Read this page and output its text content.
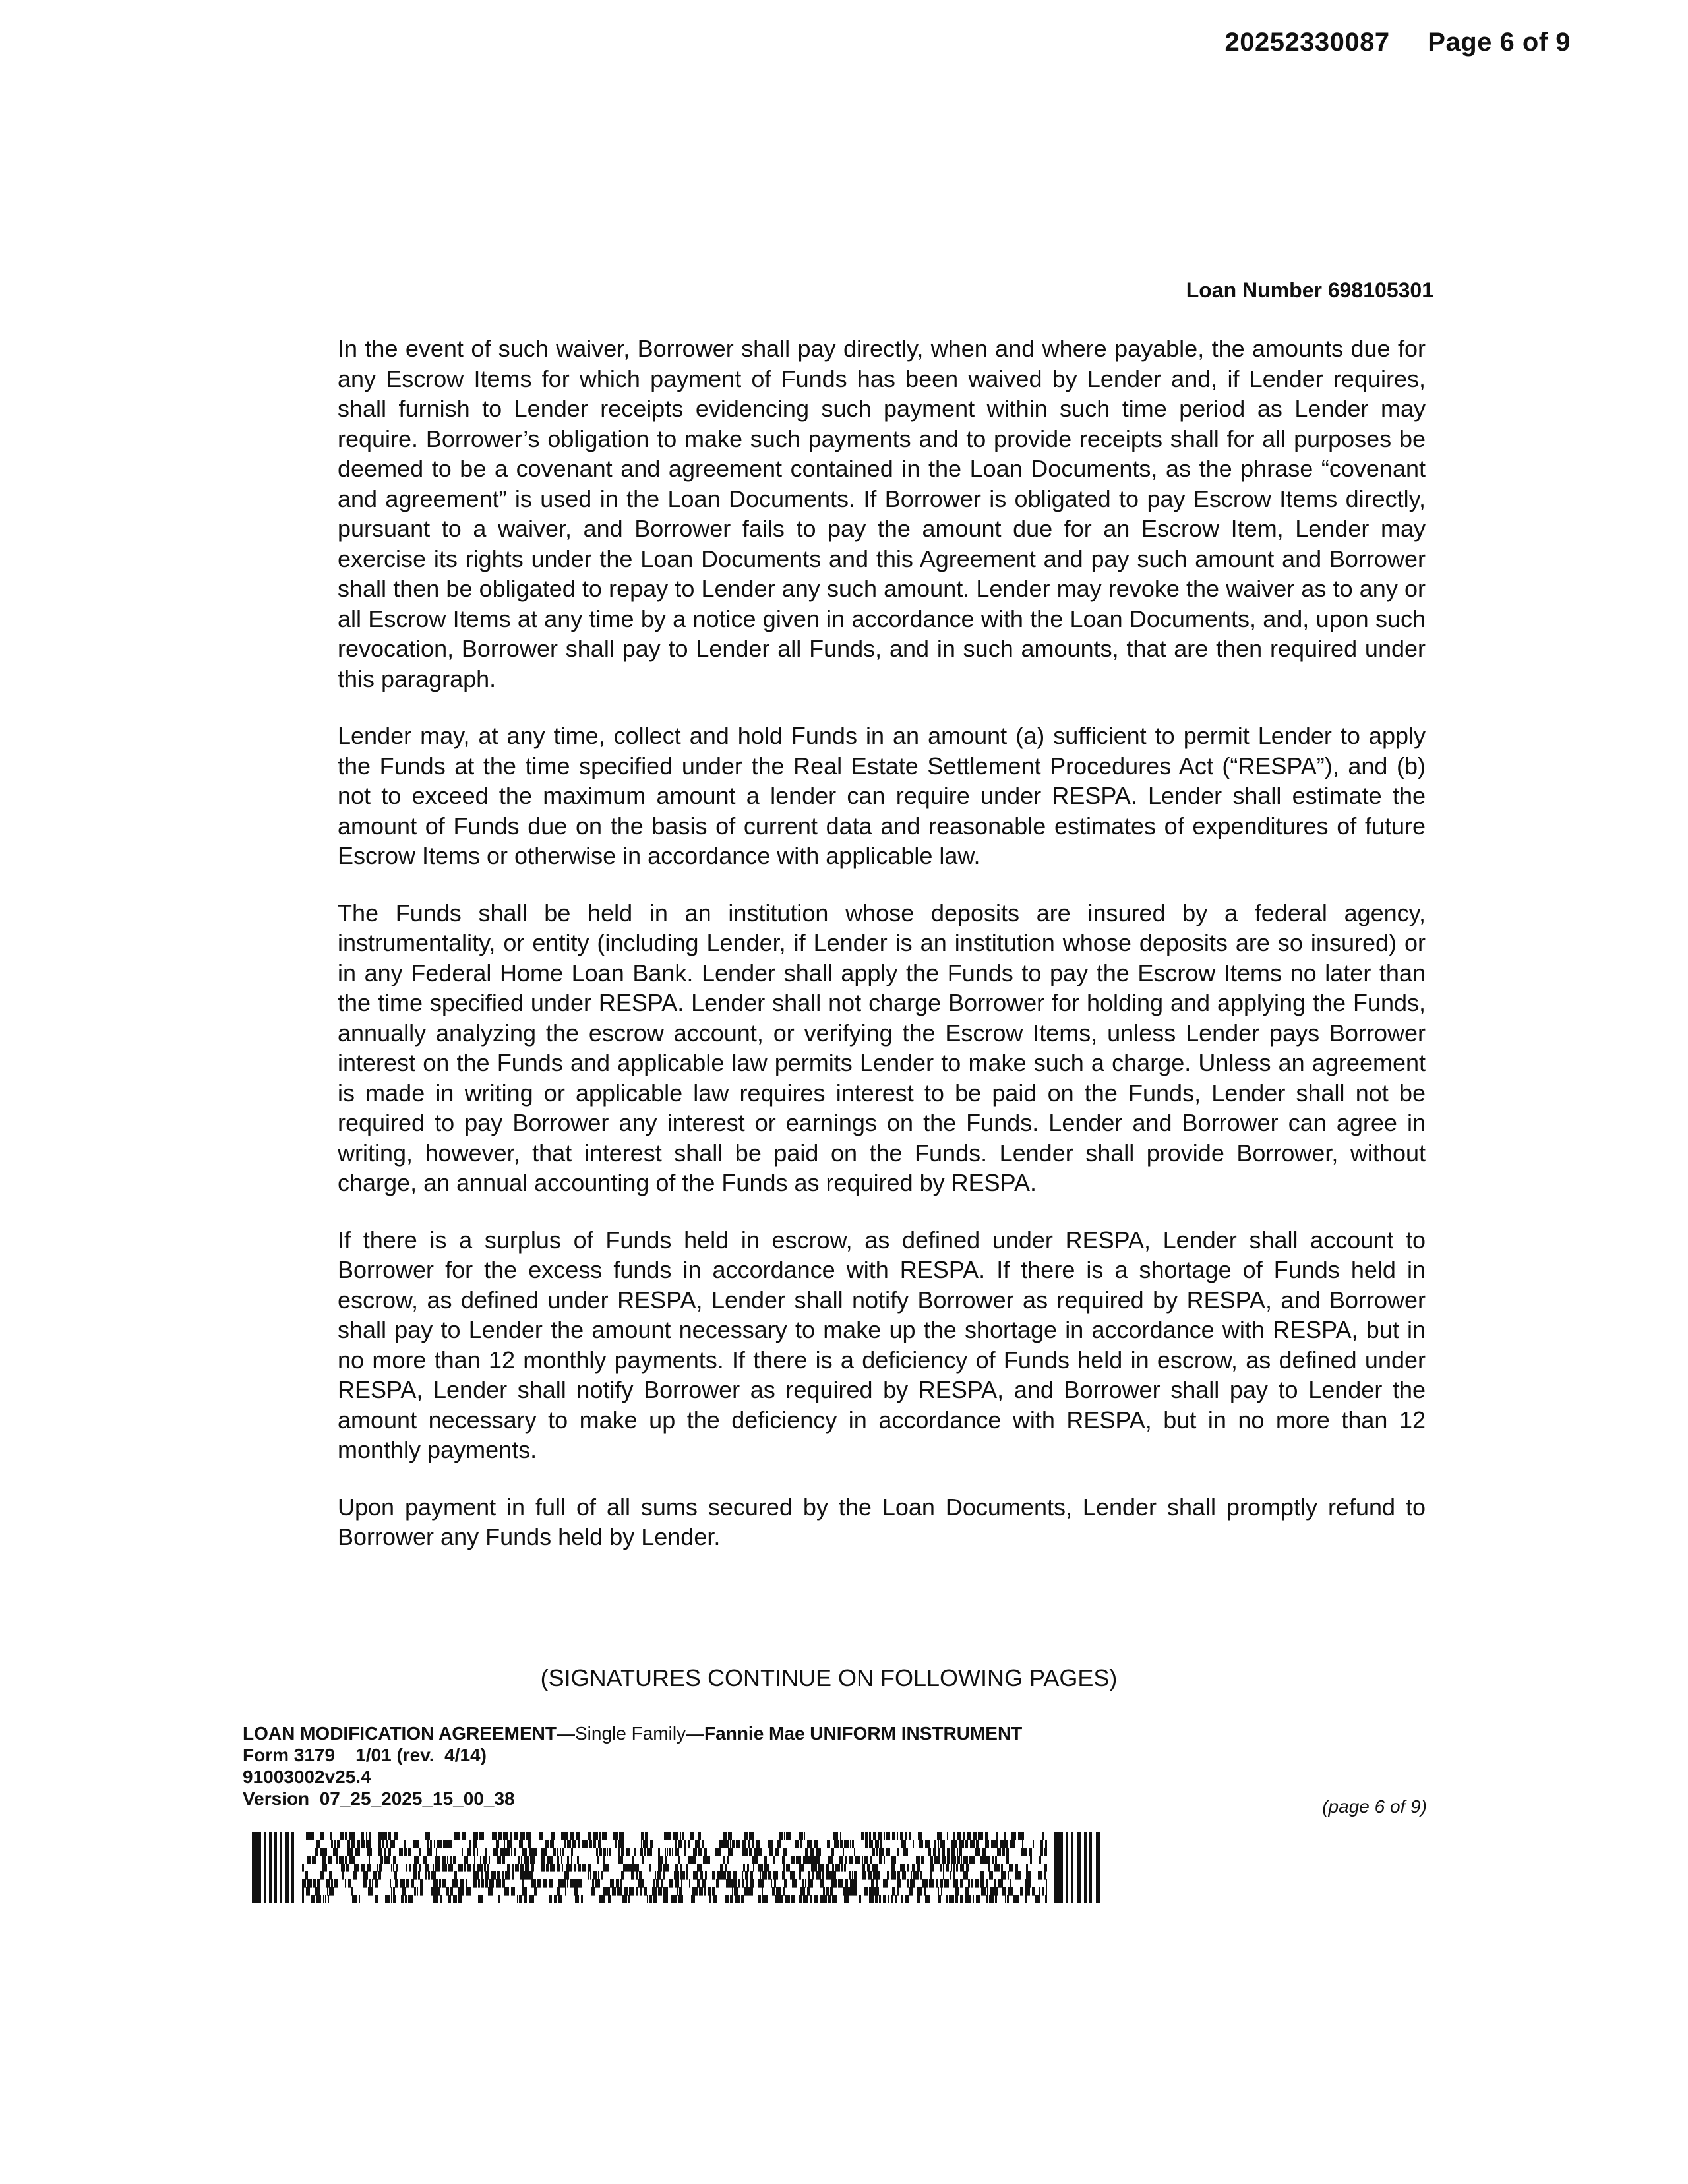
20252330087 Page 6 of 9
Loan Number 698105301

In the event of such waiver, Borrower shall pay directly, when and where payable, the amounts due for any Escrow Items for which payment of Funds has been waived by Lender and, if Lender requires, shall furnish to Lender receipts evidencing such payment within such time period as Lender may require. Borrower’s obligation to make such payments and to provide receipts shall for all purposes be deemed to be a covenant and agreement contained in the Loan Documents, as the phrase “covenant and agreement” is used in the Loan Documents. If Borrower is obligated to pay Escrow Items directly, pursuant to a waiver, and Borrower fails to pay the amount due for an Escrow Item, Lender may exercise its rights under the Loan Documents and this Agreement and pay such amount and Borrower shall then be obligated to repay to Lender any such amount. Lender may revoke the waiver as to any or all Escrow Items at any time by a notice given in accordance with the Loan Documents, and, upon such revocation, Borrower shall pay to Lender all Funds, and in such amounts, that are then required under this paragraph.

Lender may, at any time, collect and hold Funds in an amount (a) sufficient to permit Lender to apply the Funds at the time specified under the Real Estate Settlement Procedures Act (“RESPA”), and (b) not to exceed the maximum amount a lender can require under RESPA. Lender shall estimate the amount of Funds due on the basis of current data and reasonable estimates of expenditures of future Escrow Items or otherwise in accordance with applicable law.

The Funds shall be held in an institution whose deposits are insured by a federal agency, instrumentality, or entity (including Lender, if Lender is an institution whose deposits are so insured) or in any Federal Home Loan Bank. Lender shall apply the Funds to pay the Escrow Items no later than the time specified under RESPA. Lender shall not charge Borrower for holding and applying the Funds, annually analyzing the escrow account, or verifying the Escrow Items, unless Lender pays Borrower interest on the Funds and applicable law permits Lender to make such a charge. Unless an agreement is made in writing or applicable law requires interest to be paid on the Funds, Lender shall not be required to pay Borrower any interest or earnings on the Funds. Lender and Borrower can agree in writing, however, that interest shall be paid on the Funds. Lender shall provide Borrower, without charge, an annual accounting of the Funds as required by RESPA.

If there is a surplus of Funds held in escrow, as defined under RESPA, Lender shall account to Borrower for the excess funds in accordance with RESPA. If there is a shortage of Funds held in escrow, as defined under RESPA, Lender shall notify Borrower as required by RESPA, and Borrower shall pay to Lender the amount necessary to make up the shortage in accordance with RESPA, but in no more than 12 monthly payments. If there is a deficiency of Funds held in escrow, as defined under RESPA, Lender shall notify Borrower as required by RESPA, and Borrower shall pay to Lender the amount necessary to make up the deficiency in accordance with RESPA, but in no more than 12 monthly payments.

Upon payment in full of all sums secured by the Loan Documents, Lender shall promptly refund to Borrower any Funds held by Lender.

(SIGNATURES CONTINUE ON FOLLOWING PAGES)
LOAN MODIFICATION AGREEMENT—Single Family—Fannie Mae UNIFORM INSTRUMENT
Form 3179    1/01 (rev.  4/14)
91003002v25.4
Version  07_25_2025_15_00_38	(page 6 of 9)
